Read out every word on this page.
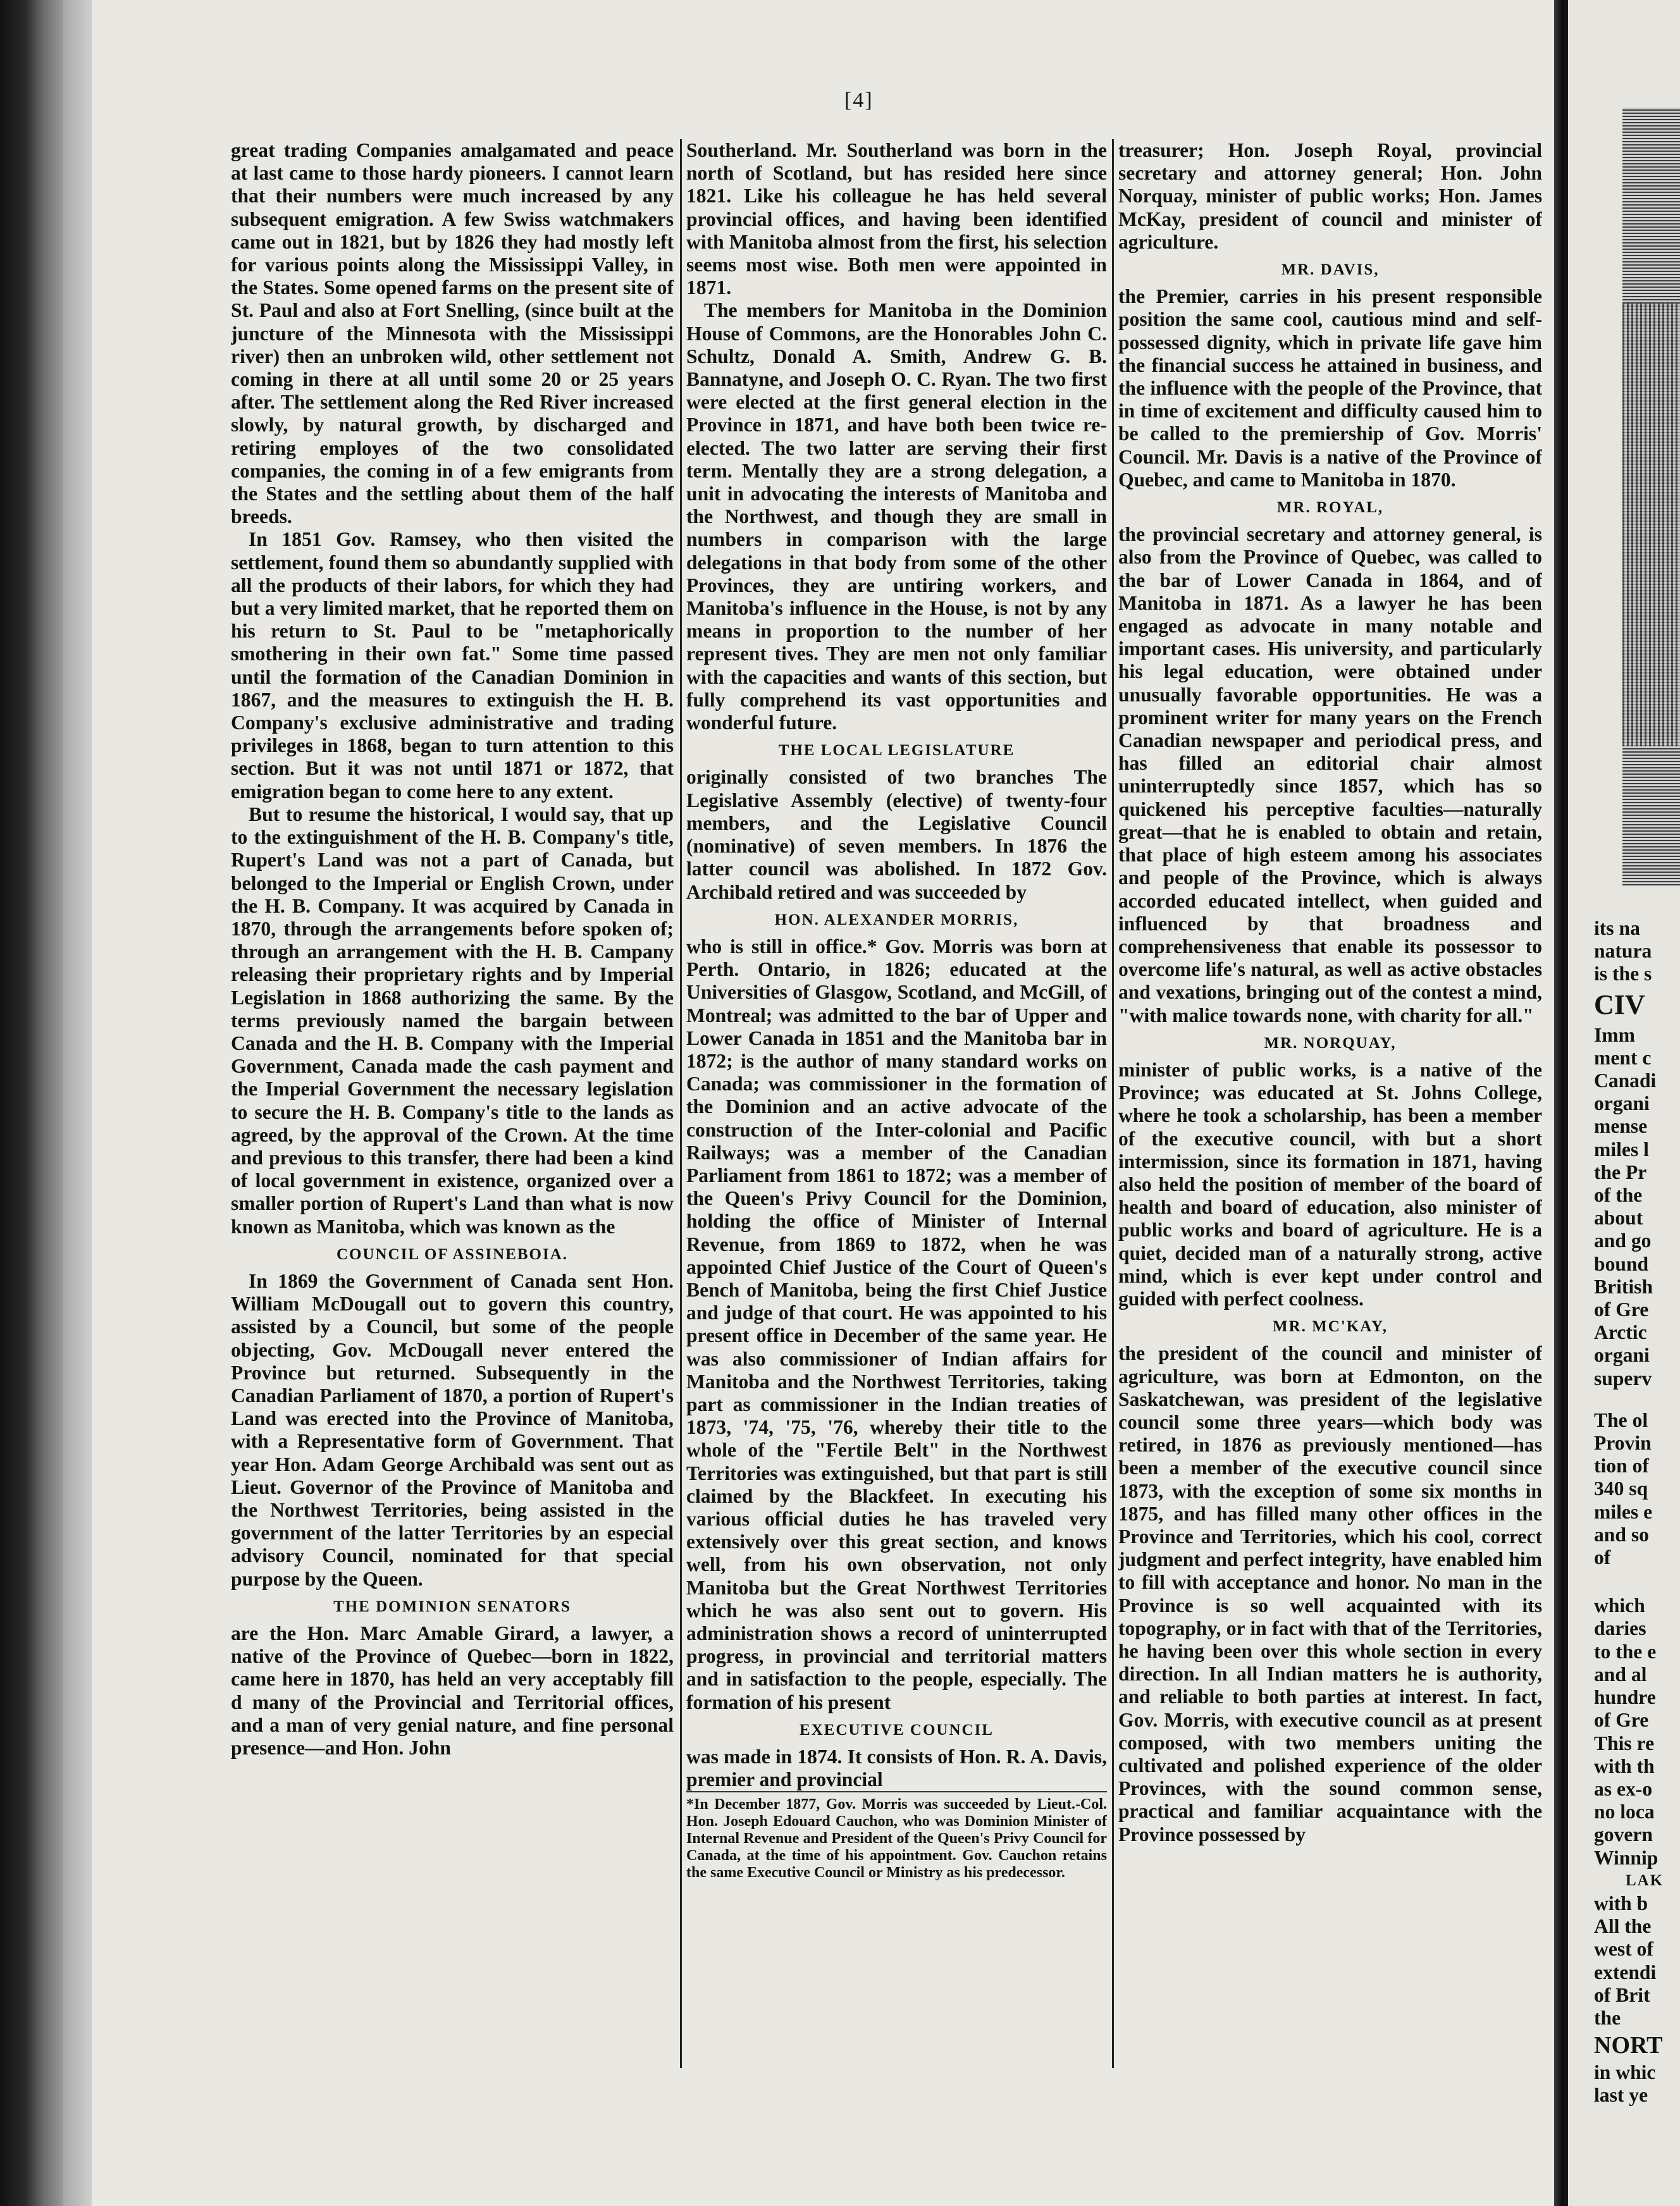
[4]

great trading Companies amalgamated and peace at last came to those hardy pioneers. I cannot learn that their numbers were much increased by any subsequent emigration. A few Swiss watchmakers came out in 1821, but by 1826 they had mostly left for various points along the Mississippi Valley, in the States. Some opened farms on the present site of St. Paul and also at Fort Snelling, (since built at the juncture of the Minnesota with the Mississippi river) then an unbroken wild, other settlement not coming in there at all until some 20 or 25 years after. The settlement along the Red River increased slowly, by natural growth, by discharged and retiring employes of the two consolidated companies, the coming in of a few emigrants from the States and the settling about them of the half breeds.

In 1851 Gov. Ramsey, who then visited the settlement, found them so abundantly supplied with all the products of their labors, for which they had but a very limited market, that he reported them on his return to St. Paul to be "metaphorically smothering in their own fat." Some time passed until the formation of the Canadian Dominion in 1867, and the measures to extinguish the H. B. Company's exclusive administrative and trading privileges in 1868, began to turn attention to this section. But it was not until 1871 or 1872, that emigration began to come here to any extent.

But to resume the historical, I would say, that up to the extinguishment of the H. B. Company's title, Rupert's Land was not a part of Canada, but belonged to the Imperial or English Crown, under the H. B. Company. It was acquired by Canada in 1870, through the arrangements before spoken of; through an arrangement with the H. B. Campany releasing their proprietary rights and by Imperial Legislation in 1868 authorizing the same. By the terms previously named the bargain between Canada and the H. B. Company with the Imperial Government, Canada made the cash payment and the Imperial Government the necessary legislation to secure the H. B. Company's title to the lands as agreed, by the approval of the Crown. At the time and previous to this transfer, there had been a kind of local government in existence, organized over a smaller portion of Rupert's Land than what is now known as Manitoba, which was known as the

COUNCIL OF ASSINEBOIA.

In 1869 the Government of Canada sent Hon. William McDougall out to govern this country, assisted by a Council, but some of the people objecting, Gov. McDougall never entered the Province but returned. Subsequently in the Canadian Parliament of 1870, a portion of Rupert's Land was erected into the Province of Manitoba, with a Representative form of Government. That year Hon. Adam George Archibald was sent out as Lieut. Governor of the Province of Manitoba and the Northwest Territories, being assisted in the government of the latter Territories by an especial advisory Council, nominated for that special purpose by the Queen.

THE DOMINION SENATORS

are the Hon. Marc Amable Girard, a lawyer, a native of the Province of Quebec—born in 1822, came here in 1870, has held an very acceptably fill d many of the Provincial and Territorial offices, and a man of very genial nature, and fine personal presence—and Hon. John

Southerland. Mr. Southerland was born in the north of Scotland, but has resided here since 1821. Like his colleague he has held several provincial offices, and having been identified with Manitoba almost from the first, his selection seems most wise. Both men were appointed in 1871.

The members for Manitoba in the Dominion House of Commons, are the Honorables John C. Schultz, Donald A. Smith, Andrew G. B. Bannatyne, and Joseph O. C. Ryan. The two first were elected at the first general election in the Province in 1871, and have both been twice re-elected. The two latter are serving their first term. Mentally they are a strong delegation, a unit in advocating the interests of Manitoba and the Northwest, and though they are small in numbers in comparison with the large delegations in that body from some of the other Provinces, they are untiring workers, and Manitoba's influence in the House, is not by any means in proportion to the number of her represent tives. They are men not only familiar with the capacities and wants of this section, but fully comprehend its vast opportunities and wonderful future.

THE LOCAL LEGISLATURE

originally consisted of two branches The Legislative Assembly (elective) of twenty-four members, and the Legislative Council (nominative) of seven members. In 1876 the latter council was abolished. In 1872 Gov. Archibald retired and was succeeded by

HON. ALEXANDER MORRIS,

who is still in office.* Gov. Morris was born at Perth. Ontario, in 1826; educated at the Universities of Glasgow, Scotland, and McGill, of Montreal; was admitted to the bar of Upper and Lower Canada in 1851 and the Manitoba bar in 1872; is the author of many standard works on Canada; was commissioner in the formation of the Dominion and an active advocate of the construction of the Inter-colonial and Pacific Railways; was a member of the Canadian Parliament from 1861 to 1872; was a member of the Queen's Privy Council for the Dominion, holding the office of Minister of Internal Revenue, from 1869 to 1872, when he was appointed Chief Justice of the Court of Queen's Bench of Manitoba, being the first Chief Justice and judge of that court. He was appointed to his present office in December of the same year. He was also commissioner of Indian affairs for Manitoba and the Northwest Territories, taking part as commissioner in the Indian treaties of 1873, '74, '75, '76, whereby their title to the whole of the "Fertile Belt" in the Northwest Territories was extinguished, but that part is still claimed by the Blackfeet. In executing his various official duties he has traveled very extensively over this great section, and knows well, from his own observation, not only Manitoba but the Great Northwest Territories which he was also sent out to govern. His administration shows a record of uninterrupted progress, in provincial and territorial matters and in satisfaction to the people, especially. The formation of his present

EXECUTIVE COUNCIL

was made in 1874. It consists of Hon. R. A. Davis, premier and provincial

*In December 1877, Gov. Morris was succeeded by Lieut.-Col. Hon. Joseph Edouard Cauchon, who was Dominion Minister of Internal Revenue and President of the Queen's Privy Council for Canada, at the time of his appointment. Gov. Cauchon retains the same Executive Council or Ministry as his predecessor.

treasurer; Hon. Joseph Royal, provincial secretary and attorney general; Hon. John Norquay, minister of public works; Hon. James McKay, president of council and minister of agriculture.

MR. DAVIS,

the Premier, carries in his present responsible position the same cool, cautious mind and self-possessed dignity, which in private life gave him the financial success he attained in business, and the influence with the people of the Province, that in time of excitement and difficulty caused him to be called to the premiership of Gov. Morris' Council. Mr. Davis is a native of the Province of Quebec, and came to Manitoba in 1870.

MR. ROYAL,

the provincial secretary and attorney general, is also from the Province of Quebec, was called to the bar of Lower Canada in 1864, and of Manitoba in 1871. As a lawyer he has been engaged as advocate in many notable and important cases. His university, and particularly his legal education, were obtained under unusually favorable opportunities. He was a prominent writer for many years on the French Canadian newspaper and periodical press, and has filled an editorial chair almost uninterruptedly since 1857, which has so quickened his perceptive faculties—naturally great—that he is enabled to obtain and retain, that place of high esteem among his associates and people of the Province, which is always accorded educated intellect, when guided and influenced by that broadness and comprehensiveness that enable its possessor to overcome life's natural, as well as active obstacles and vexations, bringing out of the contest a mind, "with malice towards none, with charity for all."

MR. NORQUAY,

minister of public works, is a native of the Province; was educated at St. Johns College, where he took a scholarship, has been a member of the executive council, with but a short intermission, since its formation in 1871, having also held the position of member of the board of health and board of education, also minister of public works and board of agriculture. He is a quiet, decided man of a naturally strong, active mind, which is ever kept under control and guided with perfect coolness.

MR. MC'KAY,

the president of the council and minister of agriculture, was born at Edmonton, on the Saskatchewan, was president of the legislative council some three years—which body was retired, in 1876 as previously mentioned—has been a member of the executive council since 1873, with the exception of some six months in 1875, and has filled many other offices in the Province and Territories, which his cool, correct judgment and perfect integrity, have enabled him to fill with acceptance and honor. No man in the Province is so well acquainted with its topography, or in fact with that of the Territories, he having been over this whole section in every direction. In all Indian matters he is authority, and reliable to both parties at interest. In fact, Gov. Morris, with executive council as at present composed, with two members uniting the cultivated and polished experience of the older Provinces, with the sound common sense, practical and familiar acquaintance with the Province possessed by

its na
natura
is the s
CIV
Imm
ment c
Canadi
organi
mense
miles l
the Pr
of the
about
and go
bound
British
of Gre
Arctic
organi
superv
The ol
Provin
tion of
340 sq
miles e
and so
of
which
daries
to the e
and al
hundre
of Gre
This re
with th
as ex-o
no loca
govern
Winnip
LAK
with b
All the
west of
extendi
of Brit
the
NORT
in whic
last ye
